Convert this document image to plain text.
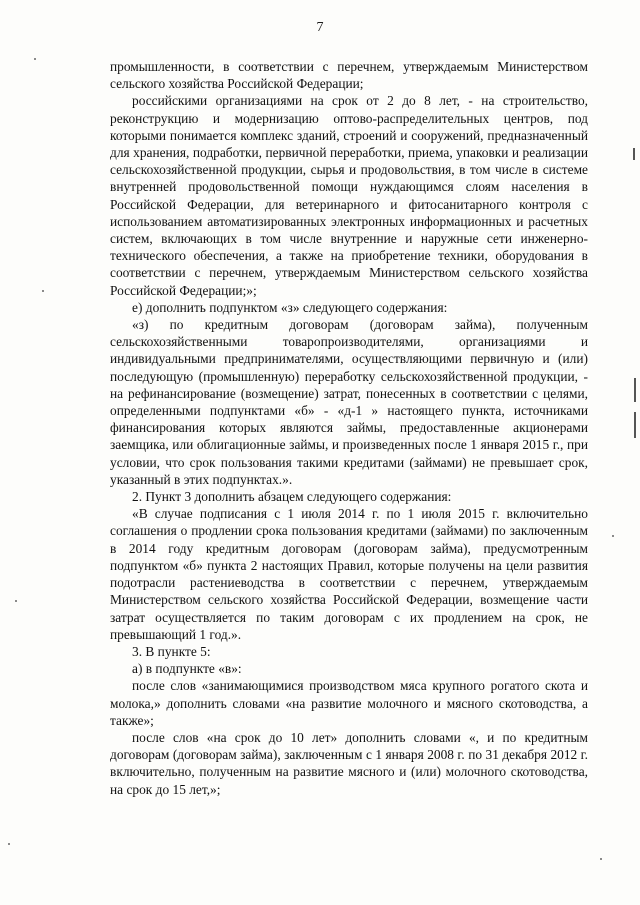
7

промышленности, в соответствии с перечнем, утверждаемым Министерством сельского хозяйства Российской Федерации;

российскими организациями на срок от 2 до 8 лет, - на строительство, реконструкцию и модернизацию оптово-распределительных центров, под которыми понимается комплекс зданий, строений и сооружений, предназначенный для хранения, подработки, первичной переработки, приема, упаковки и реализации сельскохозяйственной продукции, сырья и продовольствия, в том числе в системе внутренней продовольственной помощи нуждающимся слоям населения в Российской Федерации, для ветеринарного и фитосанитарного контроля с использованием автоматизированных электронных информационных и расчетных систем, включающих в том числе внутренние и наружные сети инженерно-технического обеспечения, а также на приобретение техники, оборудования в соответствии с перечнем, утверждаемым Министерством сельского хозяйства Российской Федерации;»;

е) дополнить подпунктом «з» следующего содержания:

«з) по кредитным договорам (договорам займа), полученным сельскохозяйственными товаропроизводителями, организациями и индивидуальными предпринимателями, осуществляющими первичную и (или) последующую (промышленную) переработку сельскохозяйственной продукции, - на рефинансирование (возмещение) затрат, понесенных в соответствии с целями, определенными подпунктами «б» - «д-1 » настоящего пункта, источниками финансирования которых являются займы, предоставленные акционерами заемщика, или облигационные займы, и произведенных после 1 января 2015 г., при условии, что срок пользования такими кредитами (займами) не превышает срок, указанный в этих подпунктах.».

2. Пункт 3 дополнить абзацем следующего содержания:

«В случае подписания с 1 июля 2014 г. по 1 июля 2015 г. включительно соглашения о продлении срока пользования кредитами (займами) по заключенным в 2014 году кредитным договорам (договорам займа), предусмотренным подпунктом «б» пункта 2 настоящих Правил, которые получены на цели развития подотрасли растениеводства в соответствии с перечнем, утверждаемым Министерством сельского хозяйства Российской Федерации, возмещение части затрат осуществляется по таким договорам с их продлением на срок, не превышающий 1 год.».

3. В пункте 5:

а) в подпункте «в»:

после слов «занимающимися производством мяса крупного рогатого скота и молока,» дополнить словами «на развитие молочного и мясного скотоводства, а также»;

после слов «на срок до 10 лет» дополнить словами «, и по кредитным договорам (договорам займа), заключенным с 1 января 2008 г. по 31 декабря 2012 г. включительно, полученным на развитие мясного и (или) молочного скотоводства, на срок до 15 лет,»;
